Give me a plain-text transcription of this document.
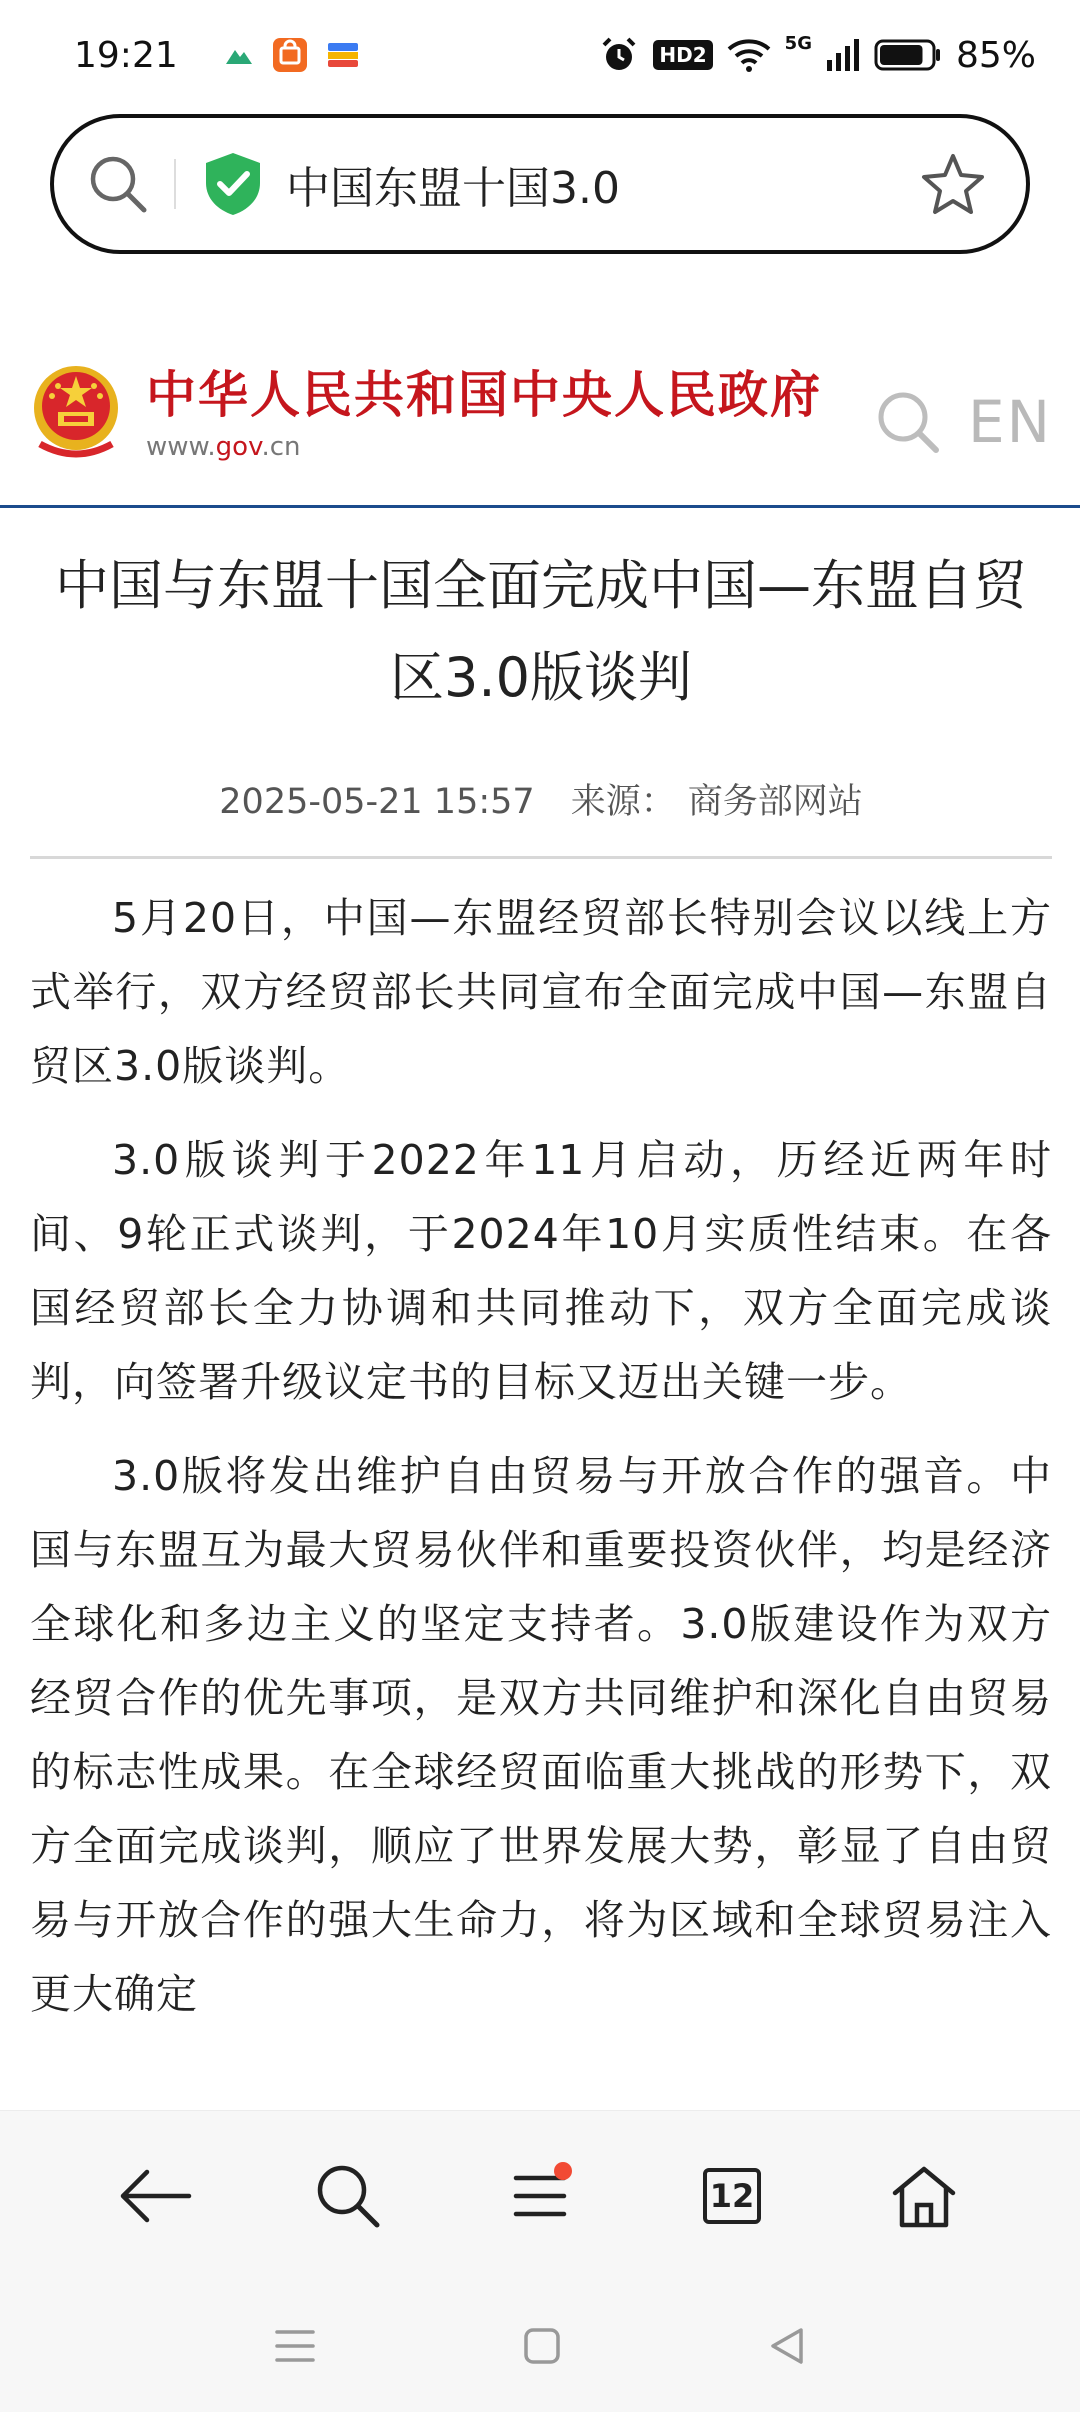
19:21	HD2	5G	85%
中国东盟十国3.0
中华人民共和国中央人民政府
www.gov.cn	EN
中国与东盟十国全面完成中国—东盟自贸区3.0版谈判
2025-05-21 15:57 来源： 商务部网站

5月20日，中国—东盟经贸部长特别会议以线上方式举行，双方经贸部长共同宣布全面完成中国—东盟自贸区3.0版谈判。

3.0版谈判于2022年11月启动，历经近两年时间、9轮正式谈判，于2024年10月实质性结束。在各国经贸部长全力协调和共同推动下，双方全面完成谈判，向签署升级议定书的目标又迈出关键一步。

3.0版将发出维护自由贸易与开放合作的强音。中国与东盟互为最大贸易伙伴和重要投资伙伴，均是经济全球化和多边主义的坚定支持者。3.0版建设作为双方经贸合作的优先事项，是双方共同维护和深化自由贸易的标志性成果。在全球经贸面临重大挑战的形势下，双方全面完成谈判，顺应了世界发展大势，彰显了自由贸易与开放合作的强大生命力，将为区域和全球贸易注入更大确定

12
